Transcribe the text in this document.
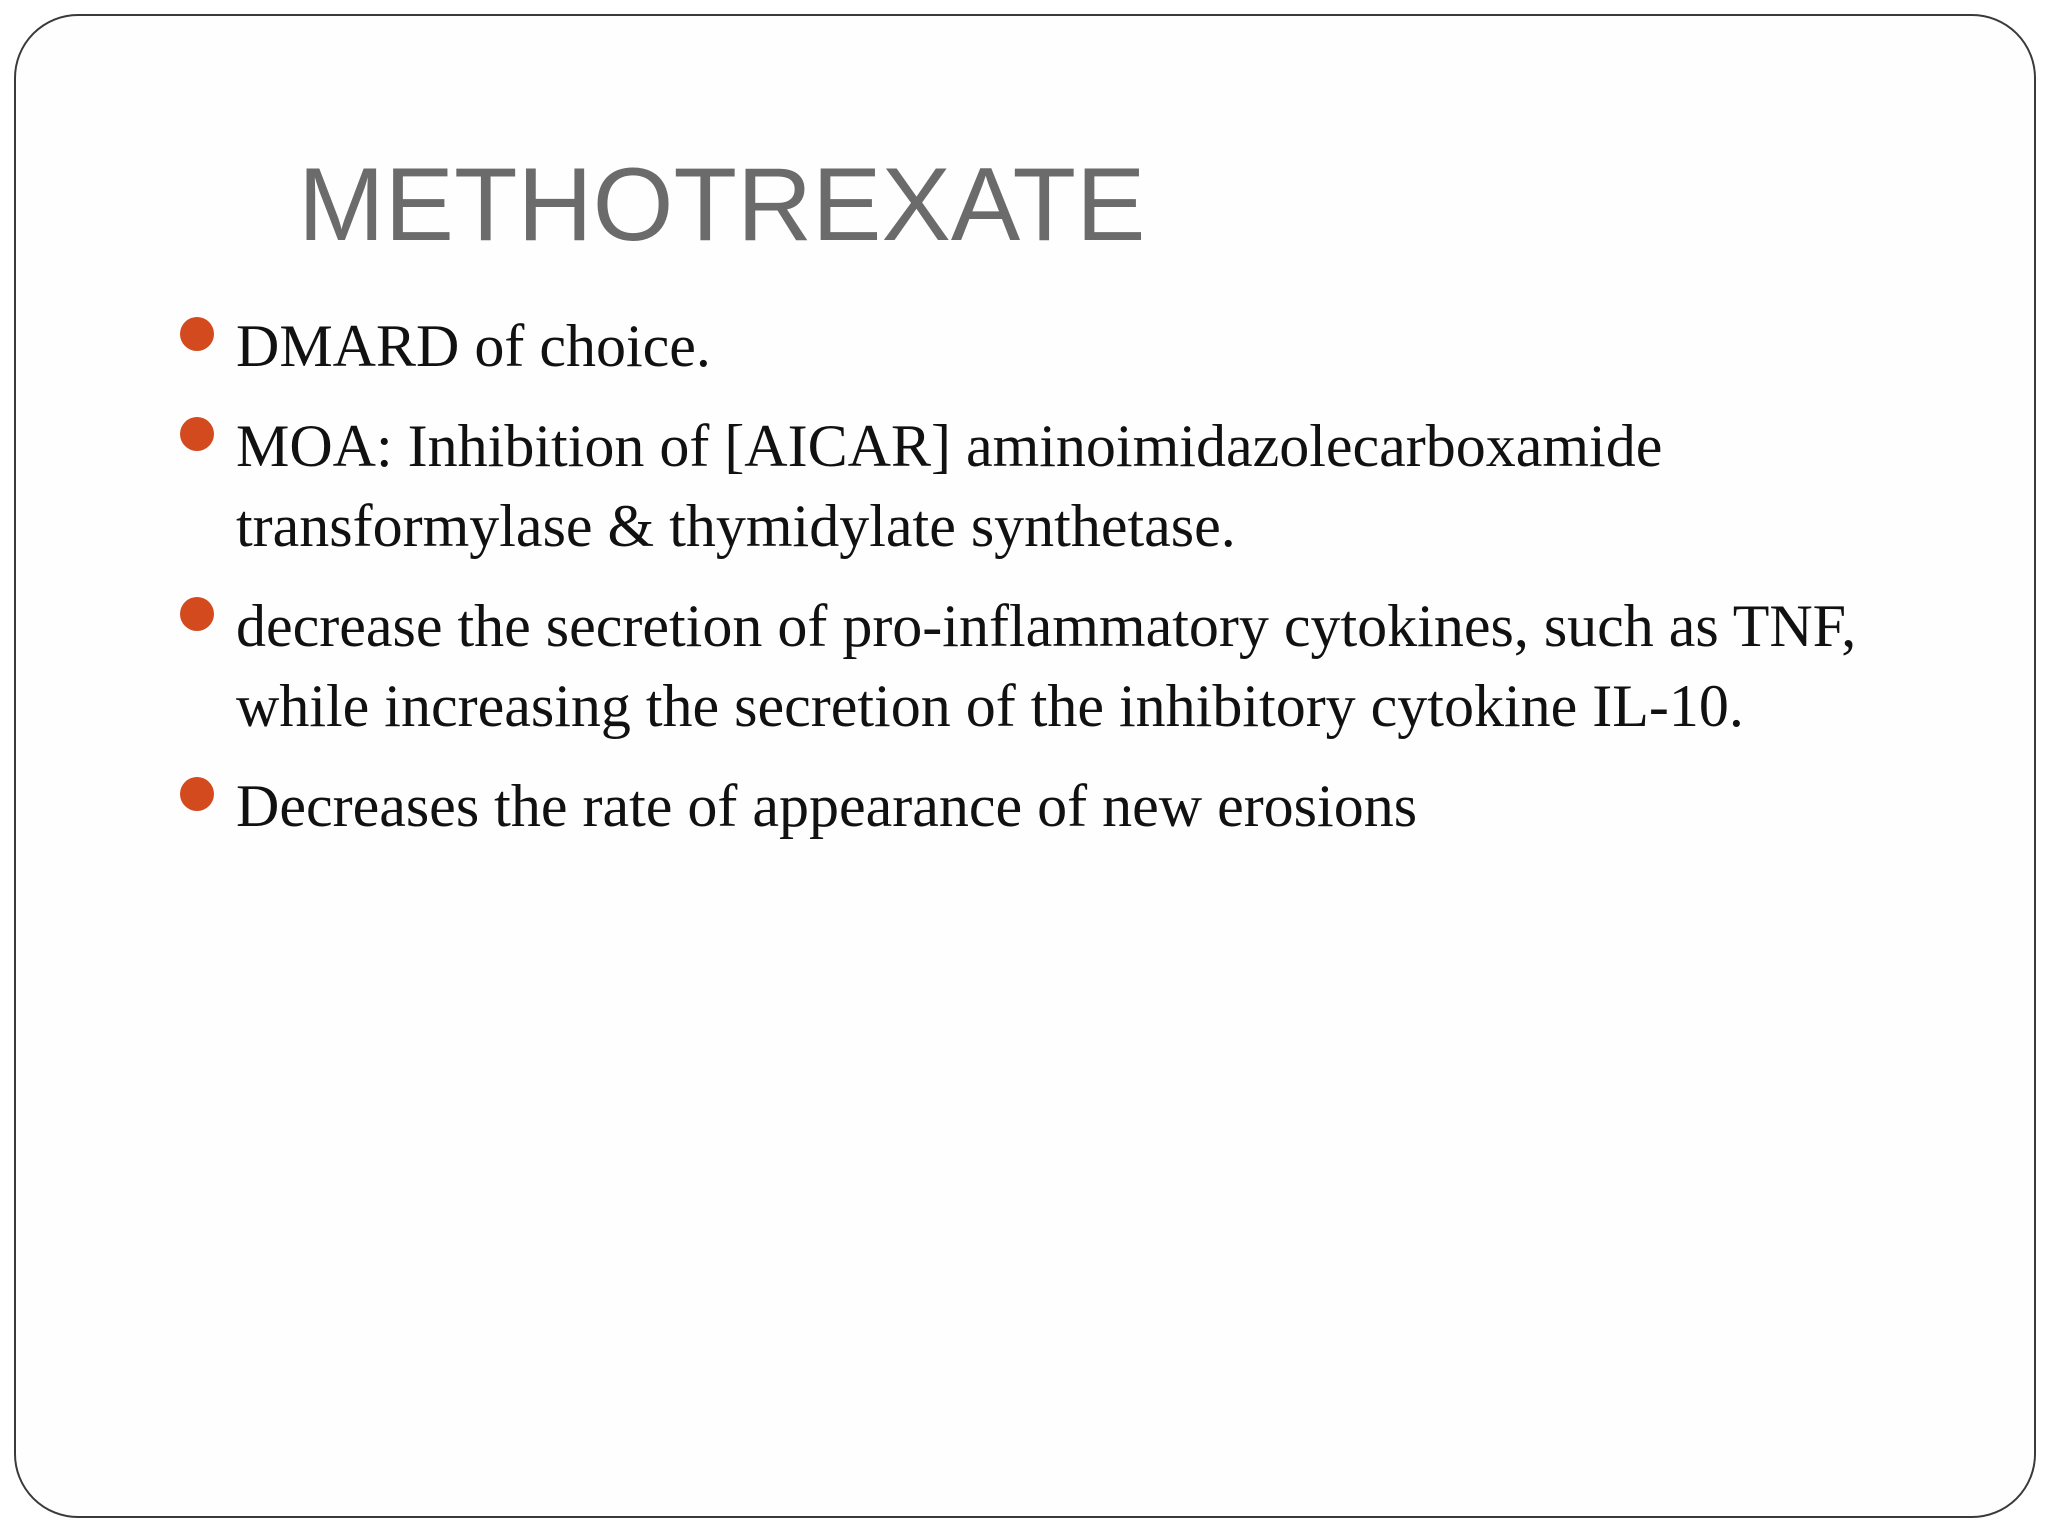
METHOTREXATE
DMARD of choice.
MOA: Inhibition of [AICAR] aminoimidazolecarboxamide transformylase & thymidylate synthetase.
decrease the secretion of pro-inflammatory cytokines, such as TNF, while increasing the secretion of the inhibitory cytokine IL-10.
Decreases the rate of appearance of new erosions
